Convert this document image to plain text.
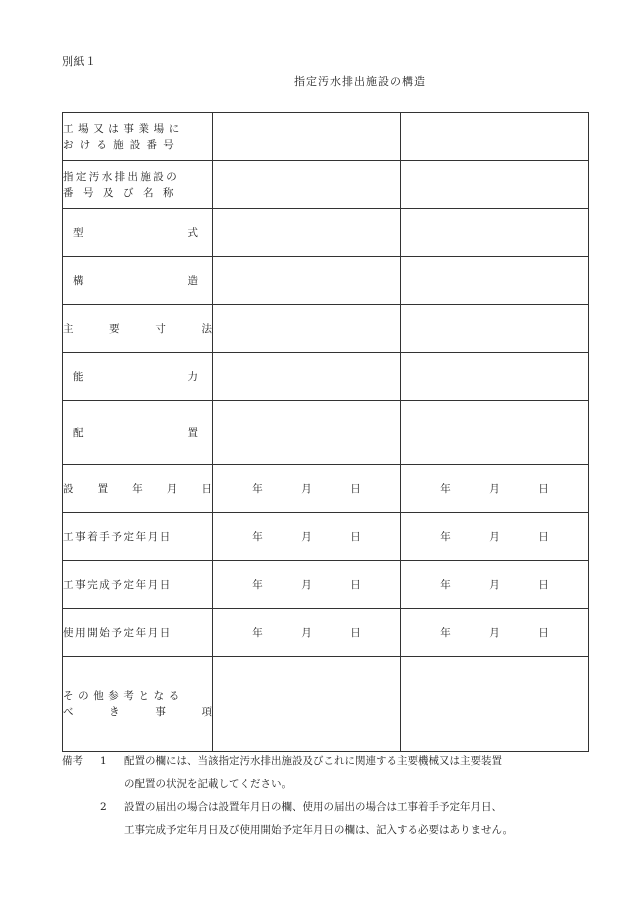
別紙１
指定汚水排出施設の構造
工場又は事業場に
おける施設番号		

指定汚水排出施設の
番号及び名称		

型 式		

構 造		

主 要 寸 法		

能 力		

配 置		

設 置 年 月 日	年 月 日	年 月 日

工事着手予定年月日	年 月 日	年 月 日

工事完成予定年月日	年 月 日	年 月 日

使用開始予定年月日	年 月 日	年 月 日

その他参考となる
べ き 事 項		

備考	1	配置の欄には、当該指定汚水排出施設及びこれに関連する主要機械又は主要装置
の配置の状況を記載してください。
2	設置の届出の場合は設置年月日の欄、使用の届出の場合は工事着手予定年月日、
工事完成予定年月日及び使用開始予定年月日の欄は、記入する必要はありません。
